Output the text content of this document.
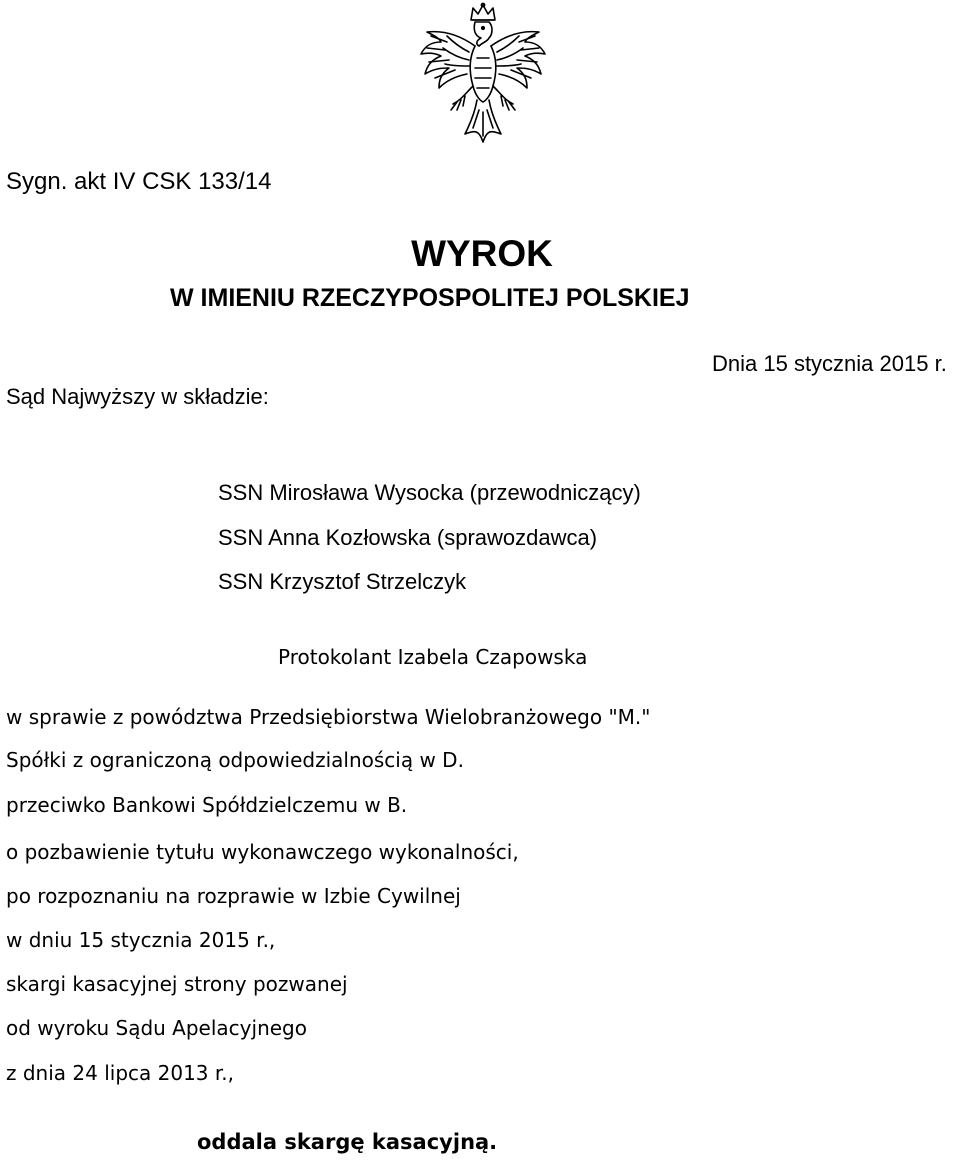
Sygn. akt IV CSK 133/14
WYROK
W IMIENIU RZECZYPOSPOLITEJ POLSKIEJ
Dnia 15 stycznia 2015 r.
Sąd Najwyższy w składzie:
SSN Mirosława Wysocka (przewodniczący)
SSN Anna Kozłowska (sprawozdawca)
SSN Krzysztof Strzelczyk
Protokolant Izabela Czapowska
w sprawie z powództwa Przedsiębiorstwa Wielobranżowego "M."
Spółki z ograniczoną odpowiedzialnością w D.
przeciwko Bankowi Spółdzielczemu w B.
o pozbawienie tytułu wykonawczego wykonalności,
po rozpoznaniu na rozprawie w Izbie Cywilnej
w dniu 15 stycznia 2015 r.,
skargi kasacyjnej strony pozwanej
od wyroku Sądu Apelacyjnego
z dnia 24 lipca 2013 r.,
oddala skargę kasacyjną.
